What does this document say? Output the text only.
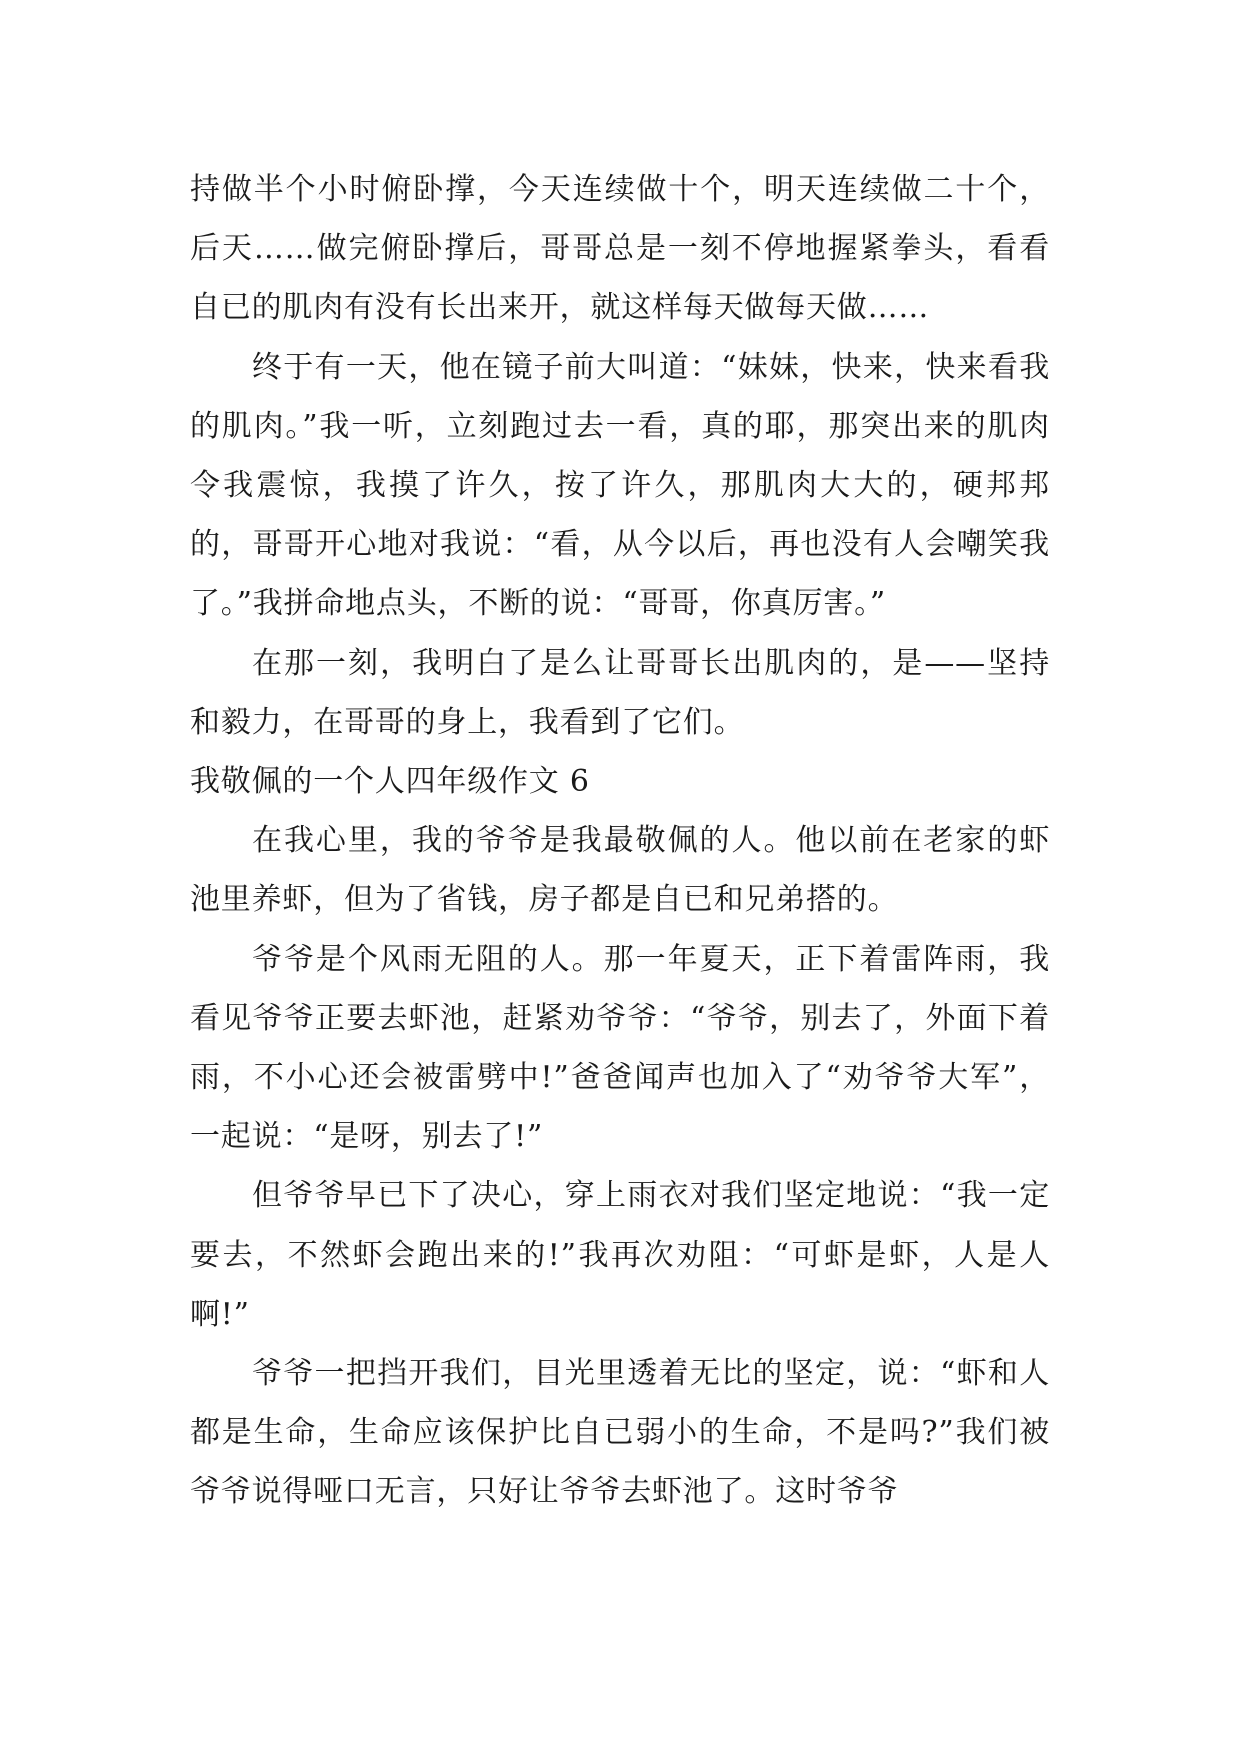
持做半个小时俯卧撑，今天连续做十个，明天连续做二十个，后天……做完俯卧撑后，哥哥总是一刻不停地握紧拳头，看看自已的肌肉有没有长出来开，就这样每天做每天做……

终于有一天，他在镜子前大叫道：“妹妹，快来，快来看我的肌肉。”我一听，立刻跑过去一看，真的耶，那突出来的肌肉令我震惊，我摸了许久，按了许久，那肌肉大大的，硬邦邦的，哥哥开心地对我说：“看，从今以后，再也没有人会嘲笑我了。”我拼命地点头，不断的说：“哥哥，你真厉害。”

在那一刻，我明白了是么让哥哥长出肌肉的，是——坚持和毅力，在哥哥的身上，我看到了它们。

我敬佩的一个人四年级作文 6

在我心里，我的爷爷是我最敬佩的人。他以前在老家的虾池里养虾，但为了省钱，房子都是自已和兄弟搭的。

爷爷是个风雨无阻的人。那一年夏天，正下着雷阵雨，我看见爷爷正要去虾池，赶紧劝爷爷：“爷爷，别去了，外面下着雨，不小心还会被雷劈中!”爸爸闻声也加入了“劝爷爷大军”，一起说：“是呀，别去了!”

但爷爷早已下了决心，穿上雨衣对我们坚定地说：“我一定要去，不然虾会跑出来的!”我再次劝阻：“可虾是虾，人是人啊!”

爷爷一把挡开我们，目光里透着无比的坚定，说：“虾和人都是生命，生命应该保护比自已弱小的生命，不是吗?”我们被爷爷说得哑口无言，只好让爷爷去虾池了。这时爷爷
